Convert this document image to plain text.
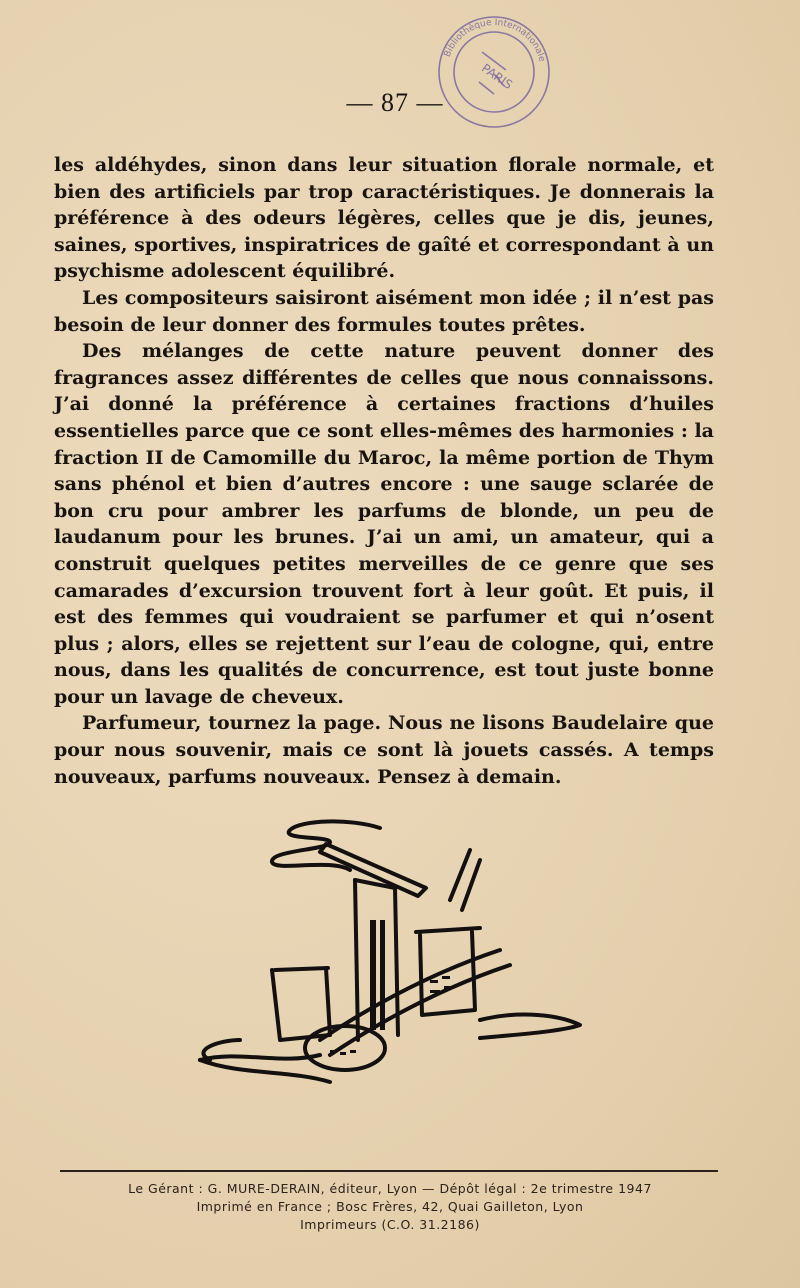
— 87 —
Bibliothèque Internationale
PARIS

les aldéhydes, sinon dans leur situation florale normale, et bien des artificiels par trop caractéristiques. Je donnerais la préférence à des odeurs légères, celles que je dis, jeunes, saines, sportives, inspiratrices de gaîté et correspondant à un psychisme adolescent équilibré.

Les compositeurs saisiront aisément mon idée ; il n’est pas besoin de leur donner des formules toutes prêtes.

Des mélanges de cette nature peuvent donner des fragrances assez différentes de celles que nous connaissons. J’ai donné la préférence à certaines fractions d’huiles essentielles parce que ce sont elles-mêmes des harmonies : la fraction II de Camomille du Maroc, la même portion de Thym sans phénol et bien d’autres encore : une sauge sclarée de bon cru pour ambrer les parfums de blonde, un peu de laudanum pour les brunes. J’ai un ami, un amateur, qui a construit quelques petites merveilles de ce genre que ses camarades d’excursion trouvent fort à leur goût. Et puis, il est des femmes qui voudraient se parfumer et qui n’osent plus ; alors, elles se rejettent sur l’eau de cologne, qui, entre nous, dans les qualités de concurrence, est tout juste bonne pour un lavage de cheveux.

Parfumeur, tournez la page. Nous ne lisons Baudelaire que pour nous souvenir, mais ce sont là jouets cassés. A temps nouveaux, parfums nouveaux. Pensez à demain.

Le Gérant : G. MURE-DERAIN, éditeur, Lyon — Dépôt légal : 2e trimestre 1947
Imprimé en France ; Bosc Frères, 42, Quai Gailleton, Lyon
Imprimeurs (C.O. 31.2186)
